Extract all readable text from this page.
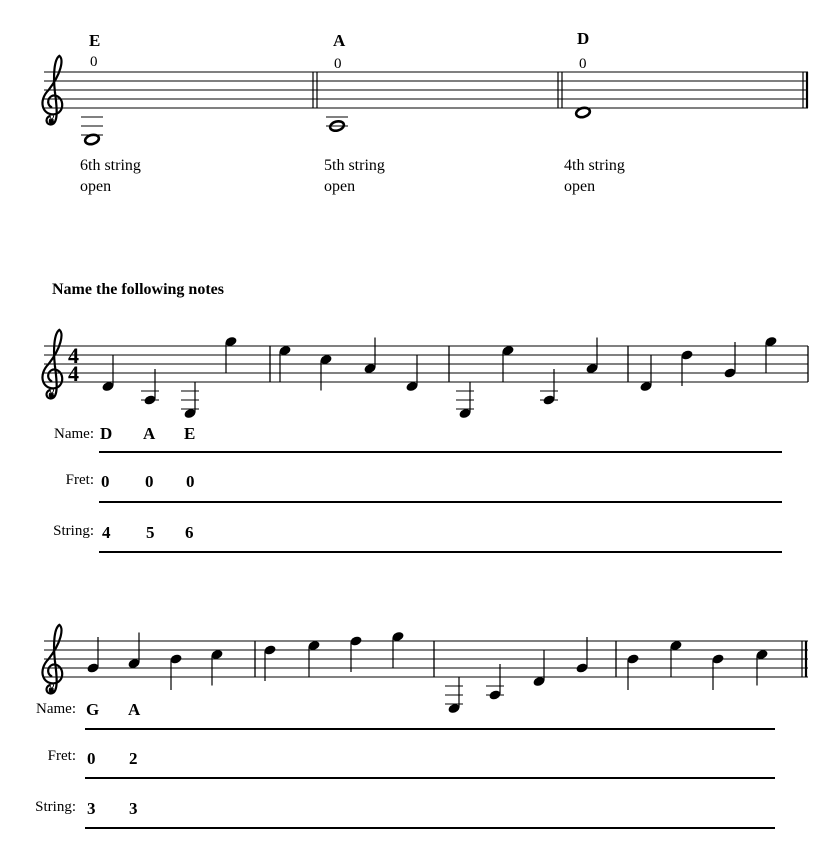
8
8
4
4
8
E
0
6th string
open
A
0
5th string
open
D
0
4th string
open
Name the following notes
Name: D A E
Fret: 0 0 0
String: 4 5 6
Name: G A
Fret: 0 2
String: 3 3
